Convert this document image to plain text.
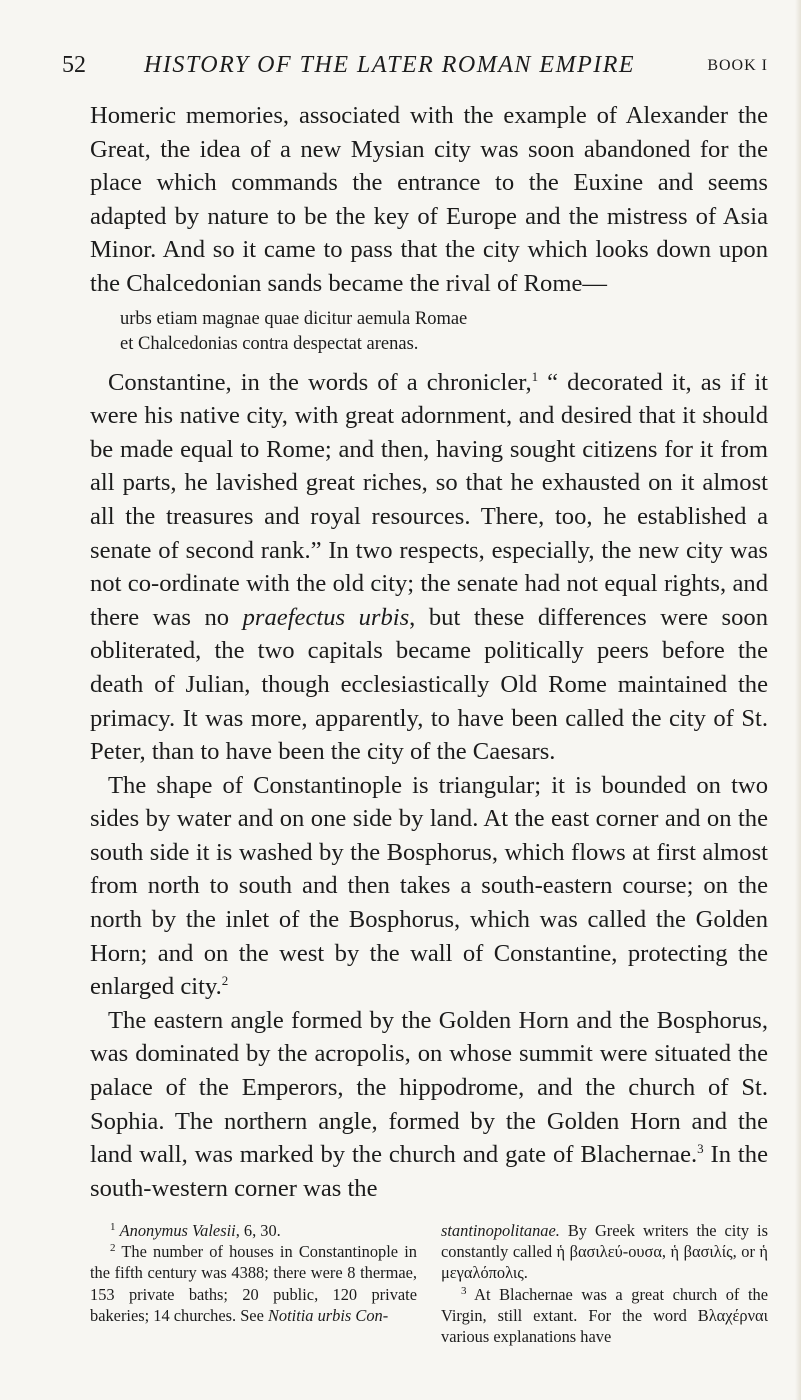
52 HISTORY OF THE LATER ROMAN EMPIRE	BOOK I

Homeric memories, associated with the example of Alexander the Great, the idea of a new Mysian city was soon abandoned for the place which commands the entrance to the Euxine and seems adapted by nature to be the key of Europe and the mistress of Asia Minor. And so it came to pass that the city which looks down upon the Chalcedonian sands became the rival of Rome—

urbs etiam magnae quae dicitur aemula Romae
et Chalcedonias contra despectat arenas.

Constantine, in the words of a chronicler,$^1$ “ decorated it, as if it were his native city, with great adornment, and desired that it should be made equal to Rome; and then, having sought citizens for it from all parts, he lavished great riches, so that he exhausted on it almost all the treasures and royal resources. There, too, he established a senate of second rank.” In two respects, especially, the new city was not co-ordinate with the old city; the senate had not equal rights, and there was no praefectus urbis, but these differences were soon obliterated, the two capitals became politically peers before the death of Julian, though ecclesiastically Old Rome maintained the primacy. It was more, apparently, to have been called the city of St. Peter, than to have been the city of the Caesars.

The shape of Constantinople is triangular; it is bounded on two sides by water and on one side by land. At the east corner and on the south side it is washed by the Bosphorus, which flows at first almost from north to south and then takes a south-eastern course; on the north by the inlet of the Bosphorus, which was called the Golden Horn; and on the west by the wall of Constantine, protecting the enlarged city.$^2$

The eastern angle formed by the Golden Horn and the Bosphorus, was dominated by the acropolis, on whose summit were situated the palace of the Emperors, the hippodrome, and the church of St. Sophia. The northern angle, formed by the Golden Horn and the land wall, was marked by the church and gate of Blachernae.$^3$ In the south-western corner was the

$^1$ Anonymus Valesii, 6, 30.

$^2$ The number of houses in Constantinople in the fifth century was 4388; there were 8 thermae, 153 private baths; 20 public, 120 private bakeries; 14 churches. See Notitia urbis Con-

stantinopolitanae. By Greek writers the city is constantly called ἡ βασιλεύ-ουσα, ἡ βασιλίς, or ἡ μεγαλόπολις.

$^3$ At Blachernae was a great church of the Virgin, still extant. For the word Βλαχέρναι various explanations have
